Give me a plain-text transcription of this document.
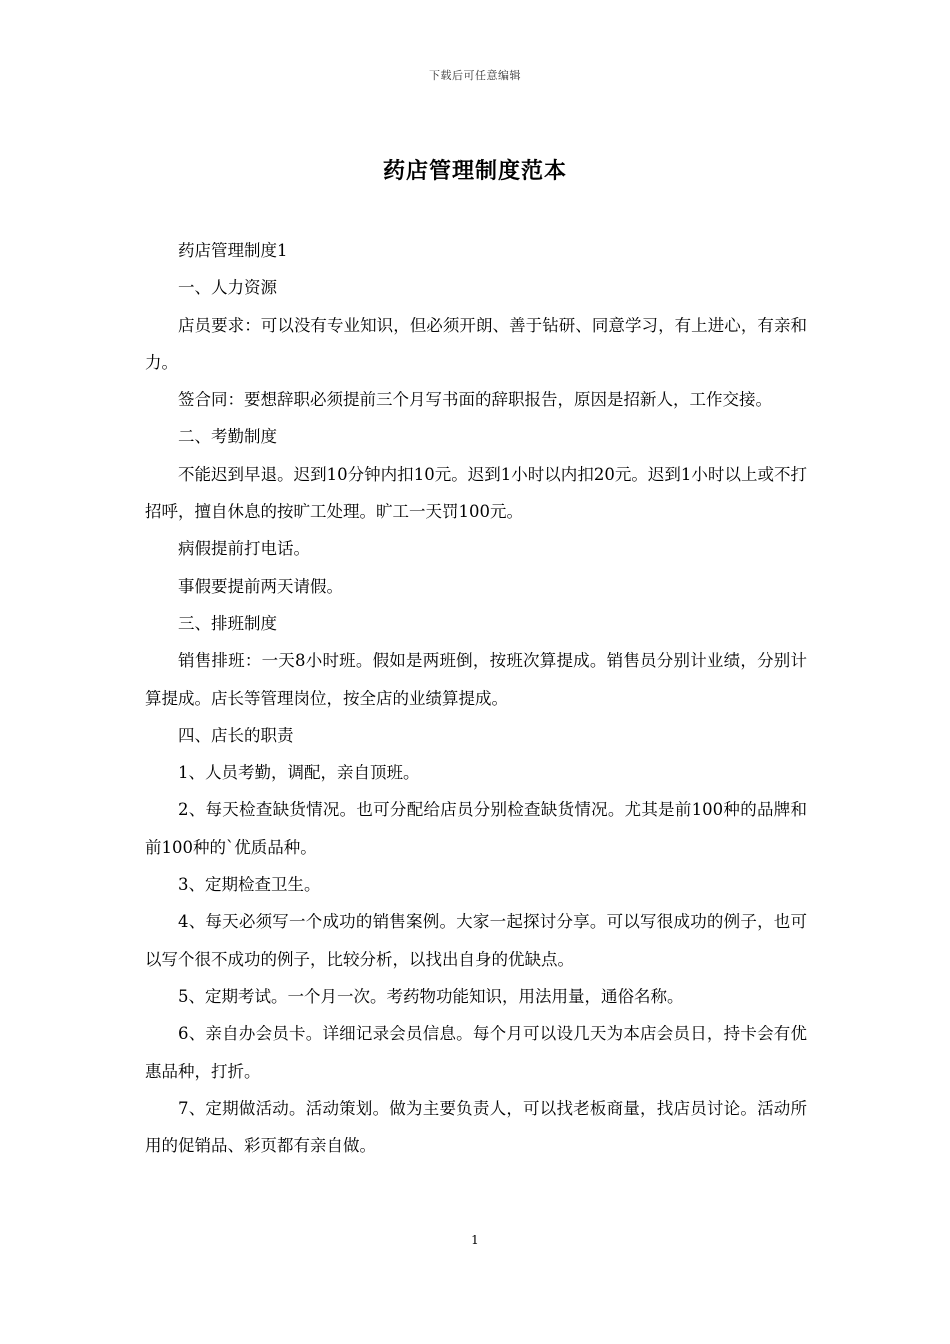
下载后可任意编辑
药店管理制度范本

药店管理制度1

一、人力资源

店员要求：可以没有专业知识，但必须开朗、善于钻研、同意学习，有上进心，有亲和力。

签合同：要想辞职必须提前三个月写书面的辞职报告，原因是招新人，工作交接。

二、考勤制度

不能迟到早退。迟到10分钟内扣10元。迟到1小时以内扣20元。迟到1小时以上或不打招呼，擅自休息的按旷工处理。旷工一天罚100元。

病假提前打电话。

事假要提前两天请假。

三、排班制度

销售排班：一天8小时班。假如是两班倒，按班次算提成。销售员分别计业绩，分别计算提成。店长等管理岗位，按全店的业绩算提成。

四、店长的职责

1、人员考勤，调配，亲自顶班。

2、每天检查缺货情况。也可分配给店员分别检查缺货情况。尤其是前100种的品牌和前100种的`优质品种。

3、定期检查卫生。

4、每天必须写一个成功的销售案例。大家一起探讨分享。可以写很成功的例子，也可以写个很不成功的例子，比较分析，以找出自身的优缺点。

5、定期考试。一个月一次。考药物功能知识，用法用量，通俗名称。

6、亲自办会员卡。详细记录会员信息。每个月可以设几天为本店会员日，持卡会有优惠品种，打折。

7、定期做活动。活动策划。做为主要负责人，可以找老板商量，找店员讨论。活动所用的促销品、彩页都有亲自做。

1
